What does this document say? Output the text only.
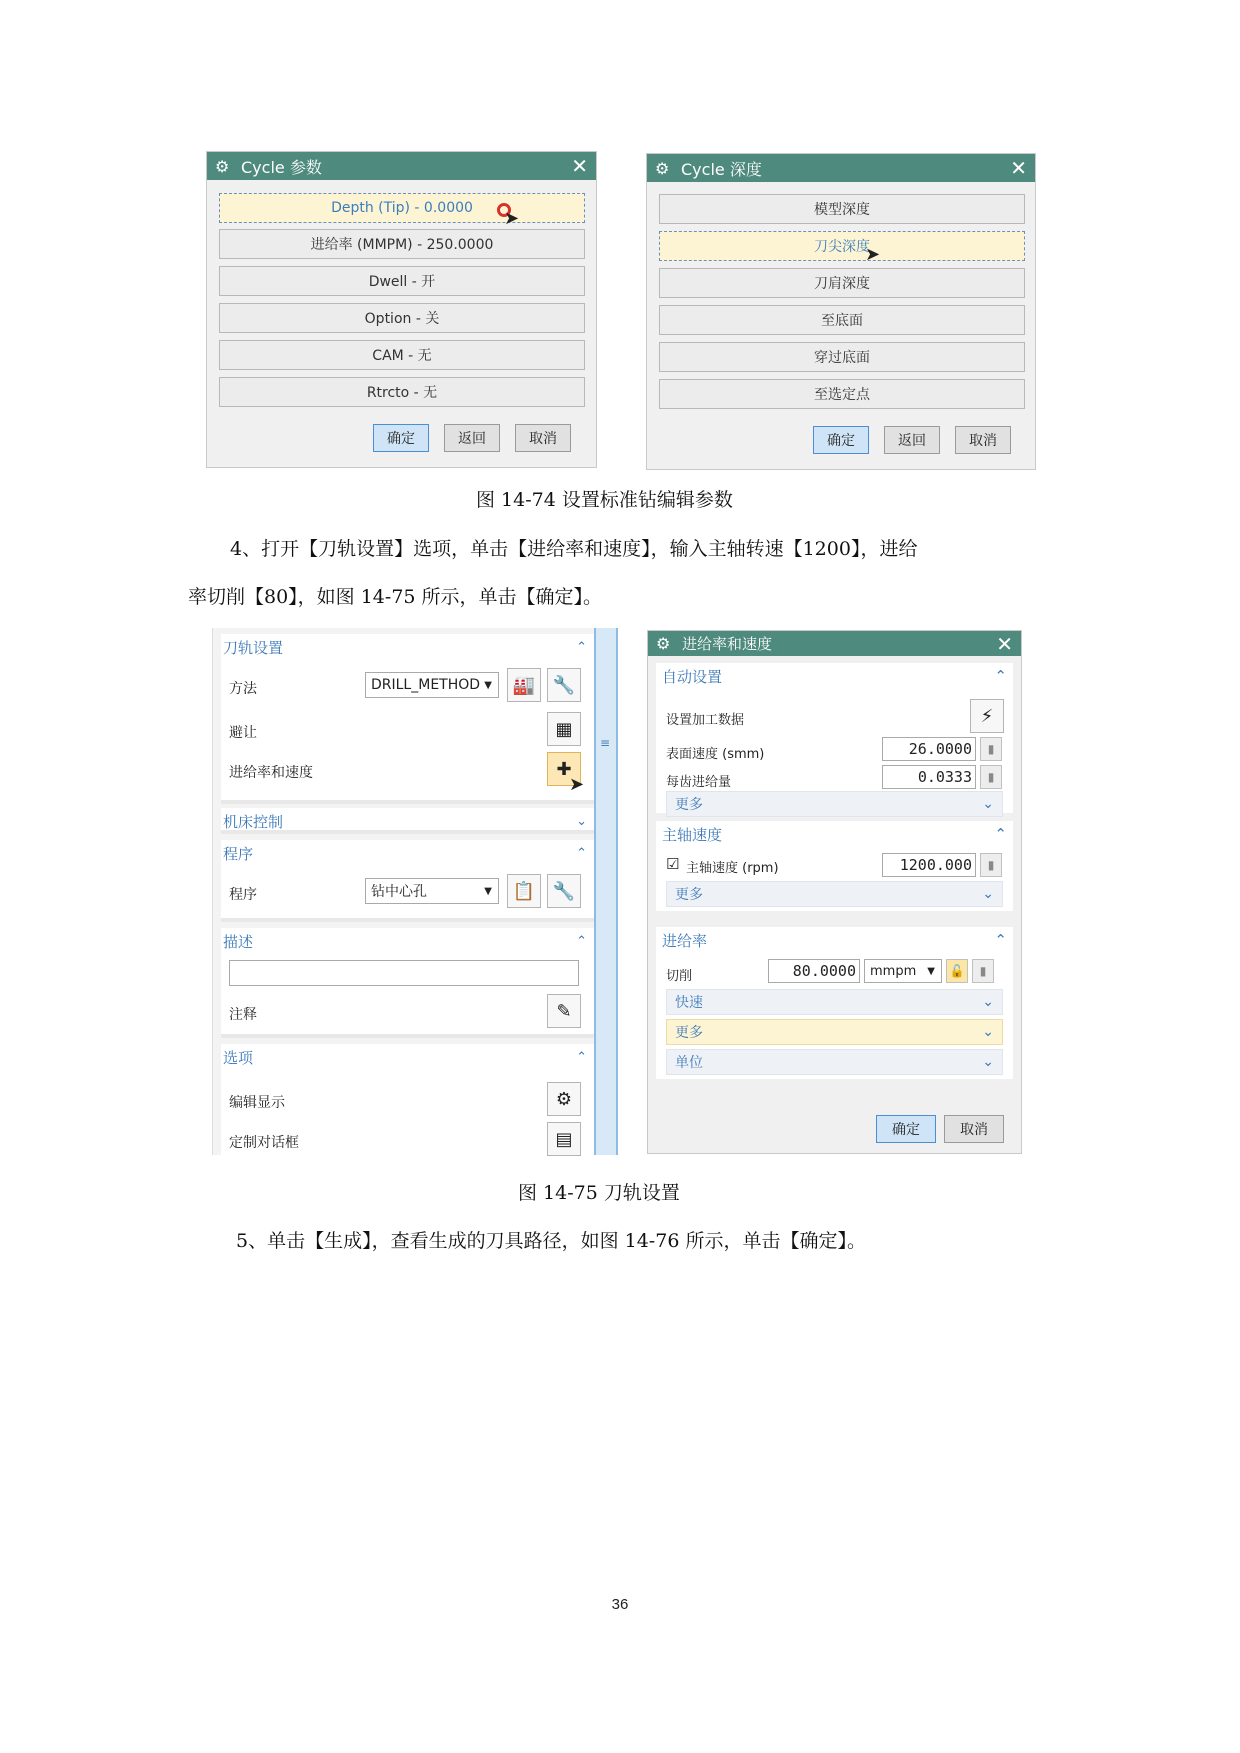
⚙ Cycle 参数	✕
Depth (Tip) - 0.0000
进给率 (MMPM) - 250.0000
Dwell - 开
Option - 关
CAM - 无
Rtrcto - 无
➤
确定	返回	取消
⚙ Cycle 深度	✕
模型深度
刀尖深度
刀肩深度
至底面
穿过底面
至选定点
➤
确定	返回	取消
图 14-74 设置标准钻编辑参数
4、打开【刀轨设置】选项，单击【进给率和速度】，输入主轴转速【1200】，进给
率切削【80】，如图 14-75 所示，单击【确定】。
刀轨设置	⌃
方法	DRILL_METHOD ▼	🏭 🔧
避让	▦
进给率和速度	✚
➤
机床控制	⌄
程序	⌃
程序	钻中心孔	▼	📋 🔧
描述	⌃
注释	✎
选项	⌃
编辑显示	⚙
定制对话框	▤
≡
⚙ 进给率和速度	✕
自动设置	⌃
设置加工数据	⚡
表面速度 (smm)	26.0000	▮
每齿进给量	0.0333	▮
更多	⌄
主轴速度	⌃
☑ 主轴速度 (rpm)	1200.000	▮
更多	⌄
进给率	⌃
切削	80.0000	mmpm ▼ 🔓	▮
快速	⌄
更多	⌄
单位	⌄
确定	取消
图 14-75 刀轨设置
5、单击【生成】，查看生成的刀具路径，如图 14-76 所示，单击【确定】。
36
